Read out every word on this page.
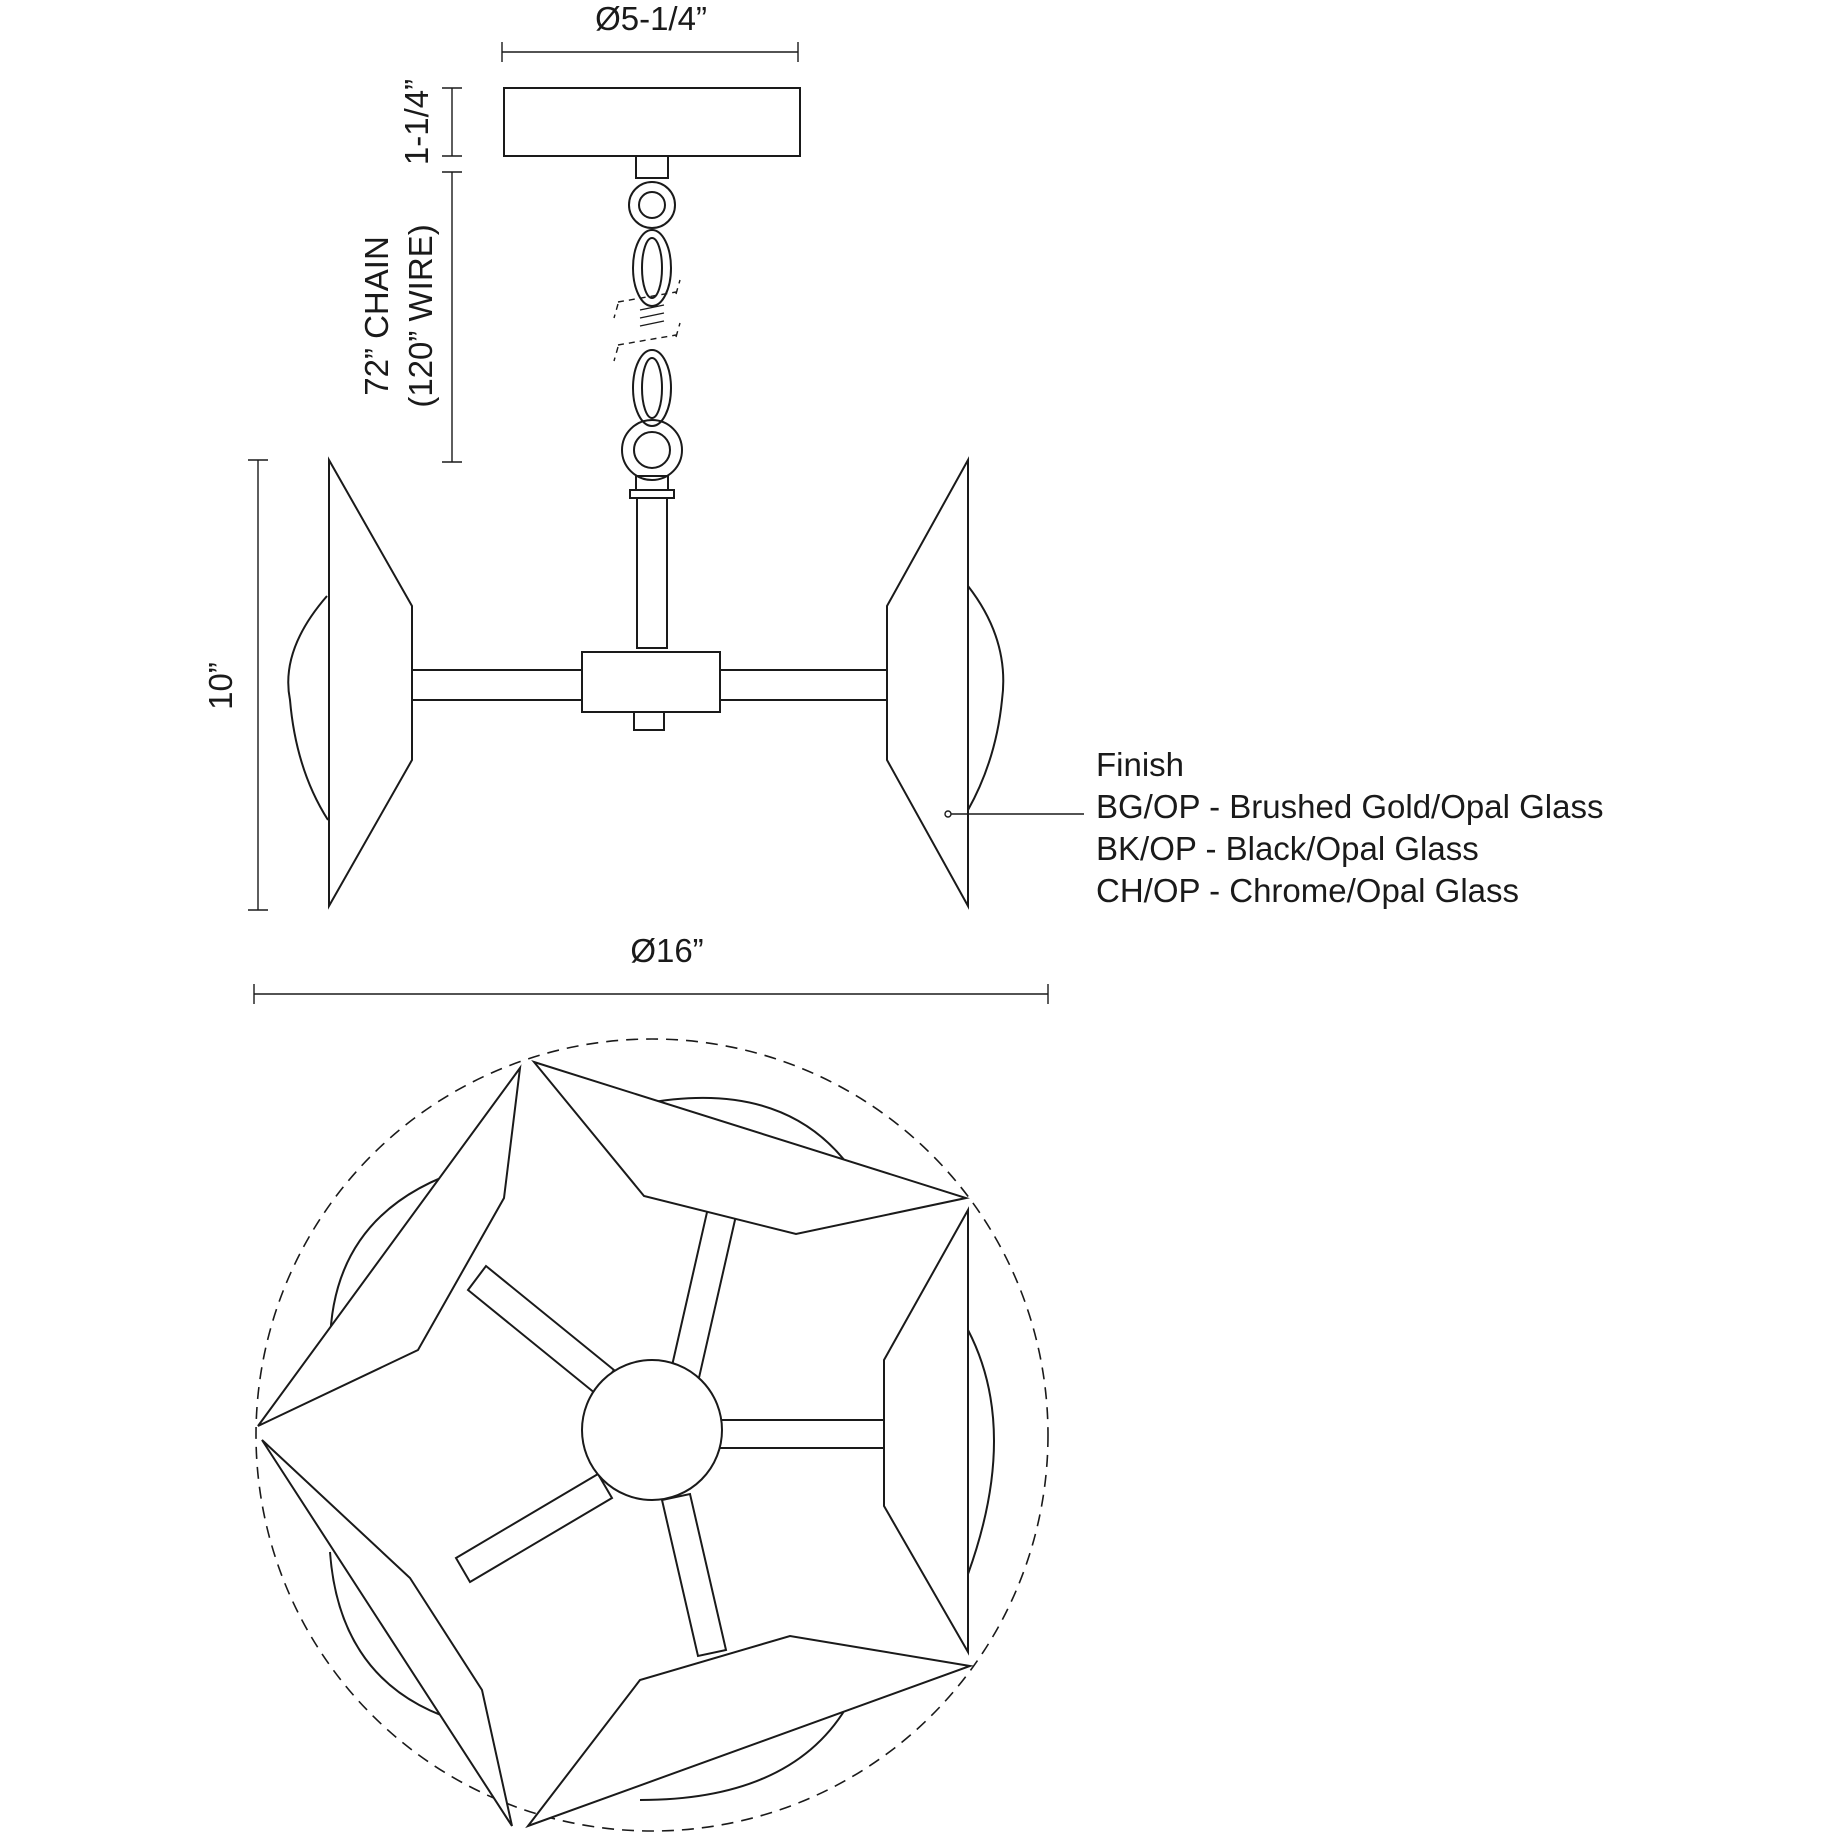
Ø5-1/4”
1-1/4”
72” CHAIN (120” WIRE)
10”
Ø16”
Finish
BG/OP - Brushed Gold/Opal Glass
BK/OP - Black/Opal Glass
CH/OP - Chrome/Opal Glass
